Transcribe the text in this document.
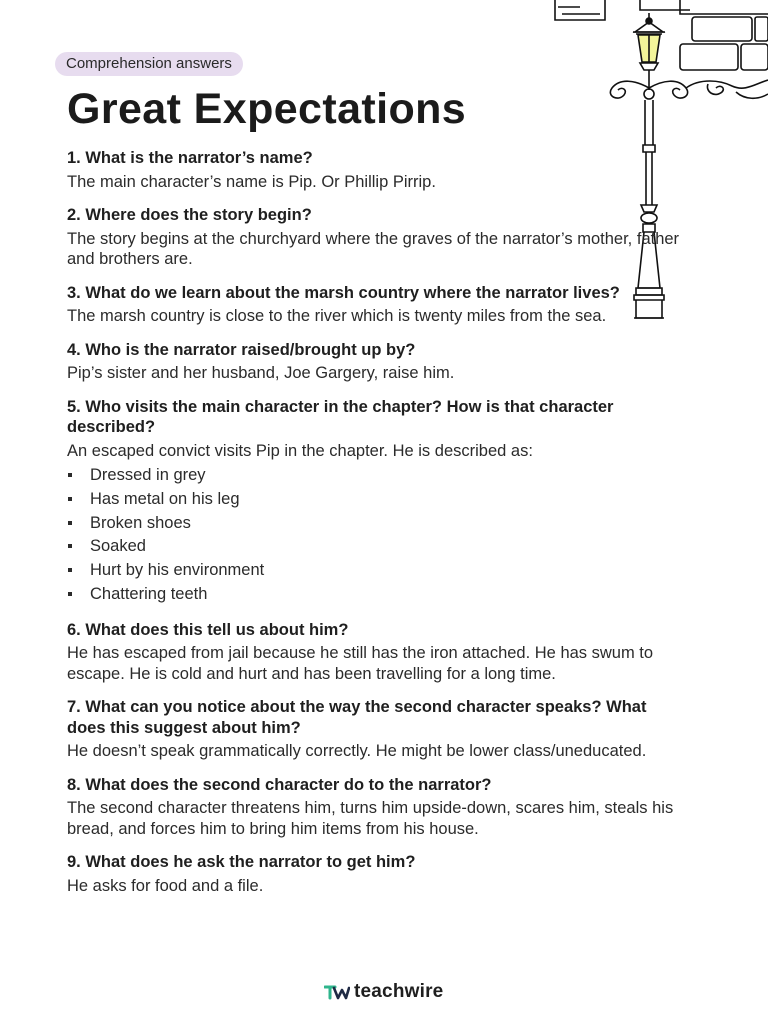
Comprehension answers
Great Expectations

1. What is the narrator’s name?

The main character’s name is Pip. Or Phillip Pirrip.

2. Where does the story begin?

The story begins at the churchyard where the graves of the narrator’s mother, father and brothers are.

3. What do we learn about the marsh country where the narrator lives?

The marsh country is close to the river which is twenty miles from the sea.

4. Who is the narrator raised/brought up by?

Pip’s sister and her husband, Joe Gargery, raise him.

5. Who visits the main character in the chapter? How is that character described?

An escaped convict visits Pip in the chapter. He is described as:

Dressed in grey
Has metal on his leg
Broken shoes
Soaked
Hurt by his environment
Chattering teeth

6. What does this tell us about him?

He has escaped from jail because he still has the iron attached. He has swum to escape. He is cold and hurt and has been travelling for a long time.

7. What can you notice about the way the second character speaks? What does this suggest about him?

He doesn’t speak grammatically correctly. He might be lower class/uneducated.

8. What does the second character do to the narrator?

The second character threatens him, turns him upside-down, scares him, steals his bread, and forces him to bring him items from his house.

9. What does he ask the narrator to get him?

He asks for food and a file.

teachwire
